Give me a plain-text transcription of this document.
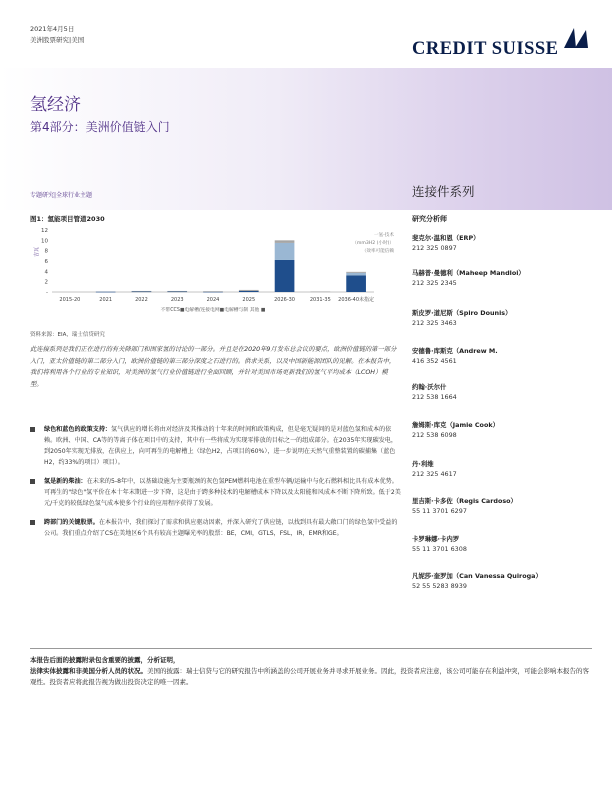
2021年4月5日
美洲股票研究|美国	CREDIT SUISSE
氢经济
第4部分：美洲价值链入门
专题研究|全球行业主题	连接件系列
图1：氢能项目管道2030
吉瓦
12
10
8
6
4
2
-
2015-20	2021	2022	2023	2024	2025	2026-30	2031-35 2036-40未指定
一氢-技术
（mm3H2 (小时)）
（效率可能信赖
不带CCS■电解槽/连接电网■电解槽与制 其他 ■
资料来源：EIA，瑞士信贷研究
此连接系列是我们正在进行的有关降部门和围家氢的讨论的一部分。并且是在2020年9月发布总会议的要点，欧洲价值链的第一部分入门，亚太价值链的第二部分入门，欧洲价值链的第三部分深度之石进行的。供求关系，以及中国新能源团队的见解。在本报告中，我们将利用各个行业的专业知识，对美洲的氢气行业价值链进行全面回顾，并针对美国市场更新我们的氢气平均成本（LCOH）模型。
绿色和蓝色的政策支持：氢气供应的增长将由对经济及其推动的十年来的时间和政策构成，但是毫无疑问的是对蓝色氢和成本的依赖。欧洲、中国、CA等的等离子体在项目中的支持，其中有一些将成为实现零排放的目标之一的组成部分。在2035年实现碳发电，到2050年实现无排放，在供应上，向可再生的电解槽上（绿色H2，占项目的60%），进一步说明在天然气重整装置的碳捕集（蓝色H2，约33%的项目）项目）。
氢是新的柴油：在未来的5-8年中，以基础设施为主要瓶颈的灰色氢PEM燃料电池在重型车辆/运输中与化石燃料相比具有成本优势。可再生的"绿色"氢平价在本十年末期进一步下降，这是由于跨多种技术的电解槽成本下降以及太阳能和风成本不断下降所致。低于2美元/千克的较低绿色氢气成本使多个行业的应用程序获得了发展。
跨部门的关键股票。在本报告中，我们探讨了需求和供应驱动因素，并深入研究了供应链，以找到具有最大敞口门的绿色氢中受益的公司。我们重点介绍了CS在美地区6个具有较高主题曝光率的股票：BE，CMI，GTLS，FSL，IR，EMR和GE。
研究分析师
斐克尔·温和恩（ERP）
212 325 0897
马赫普·曼德利（Maheep Mandloi）
212 325 2345
斯皮罗·道尼斯（Spiro Dounis）
212 325 3463
安德鲁·库斯克（Andrew M.
416 352 4561
约翰·沃尔什
212 538 1664
詹姆斯·库克（Jamie Cook）
212 538 6098
丹·利维
212 325 4617
里吉斯·卡多佐（Regis Cardoso）
55 11 3701 6297
卡罗琳娜·卡内罗
55 11 3701 6308
凡妮莎·奎罗加（Can Vanessa Quiroga）
52 55 5283 8939
本报告后面的披露附录包含重要的披露，分析证明，
法律实体披露和非美国分析人员的状况。美国的披露：瑞士信贷与它的研究报告中所涵盖的公司开展业务并寻求开展业务。因此，投资者应注意，该公司可能存在利益冲突，可能会影响本报告的客观性。投资者应将此报告视为做出投资决定的唯一因素。
